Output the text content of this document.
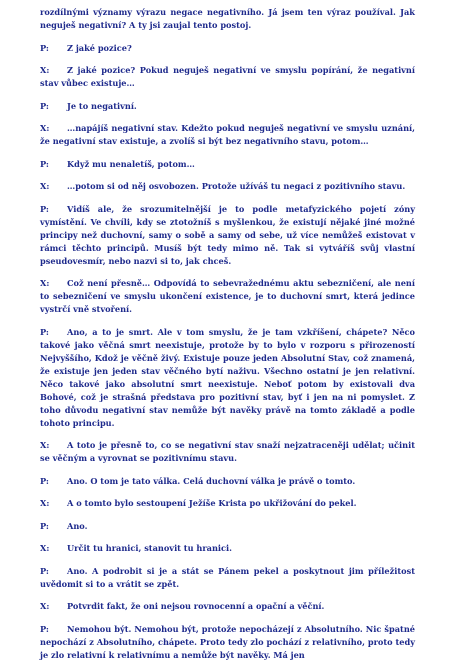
rozdílnými významy výrazu negace negativního. Já jsem ten výraz používal. Jak neguješ negativní? A ty jsi zaujal tento postoj.

P: Z jaké pozice?

X: Z jaké pozice? Pokud neguješ negativní ve smyslu popírání, že negativní stav vůbec existuje…

P: Je to negativní.

X: …napájíš negativní stav. Kdežto pokud neguješ negativní ve smyslu uznání, že negativní stav existuje, a zvolíš si být bez negativního stavu, potom…

P: Když mu nenaletíš, potom…

X: …potom si od něj osvobozen. Protože užíváš tu negaci z pozitivního stavu.

P: Vidíš ale, že srozumitelnější je to podle metafyzického pojetí zóny vymístění. Ve chvíli, kdy se ztotožníš s myšlenkou, že existují nějaké jiné možné principy než duchovní, samy o sobě a samy od sebe, už více nemůžeš existovat v rámci těchto principů. Musíš být tedy mimo ně. Tak si vytváříš svůj vlastní pseudovesmír, nebo nazvi si to, jak chceš.

X: Což není přesně… Odpovídá to sebevražednému aktu sebezničení, ale není to sebezničení ve smyslu ukončení existence, je to duchovní smrt, která jedince vystrčí vně stvoření.

P: Ano, a to je smrt. Ale v tom smyslu, že je tam vzkříšení, chápete? Něco takové jako věčná smrt neexistuje, protože by to bylo v rozporu s přirozeností Nejvyššího, Kdož je věčně živý. Existuje pouze jeden Absolutní Stav, což znamená, že existuje jen jeden stav věčného bytí naživu. Všechno ostatní je jen relativní. Něco takové jako absolutní smrt neexistuje. Neboť potom by existovali dva Bohové, což je strašná představa pro pozitivní stav, byť i jen na ni pomyslet. Z toho důvodu negativní stav nemůže být navěky právě na tomto základě a podle tohoto principu.

X: A toto je přesně to, co se negativní stav snaží nejzatraceněji udělat; učinit se věčným a vyrovnat se pozitivnímu stavu.

P: Ano. O tom je tato válka. Celá duchovní válka je právě o tomto.

X: A o tomto bylo sestoupení Ježíše Krista po ukřižování do pekel.

P: Ano.

X: Určit tu hranici, stanovit tu hranici.

P: Ano. A podrobit si je a stát se Pánem pekel a poskytnout jim příležitost uvědomit si to a vrátit se zpět.

X: Potvrdit fakt, že oni nejsou rovnocenní a opační a věční.

P: Nemohou být. Nemohou být, protože nepocházejí z Absolutního. Nic špatné nepochází z Absolutního, chápete. Proto tedy zlo pochází z relativního, proto tedy je zlo relativní k relativnímu a nemůže být navěky. Má jen
